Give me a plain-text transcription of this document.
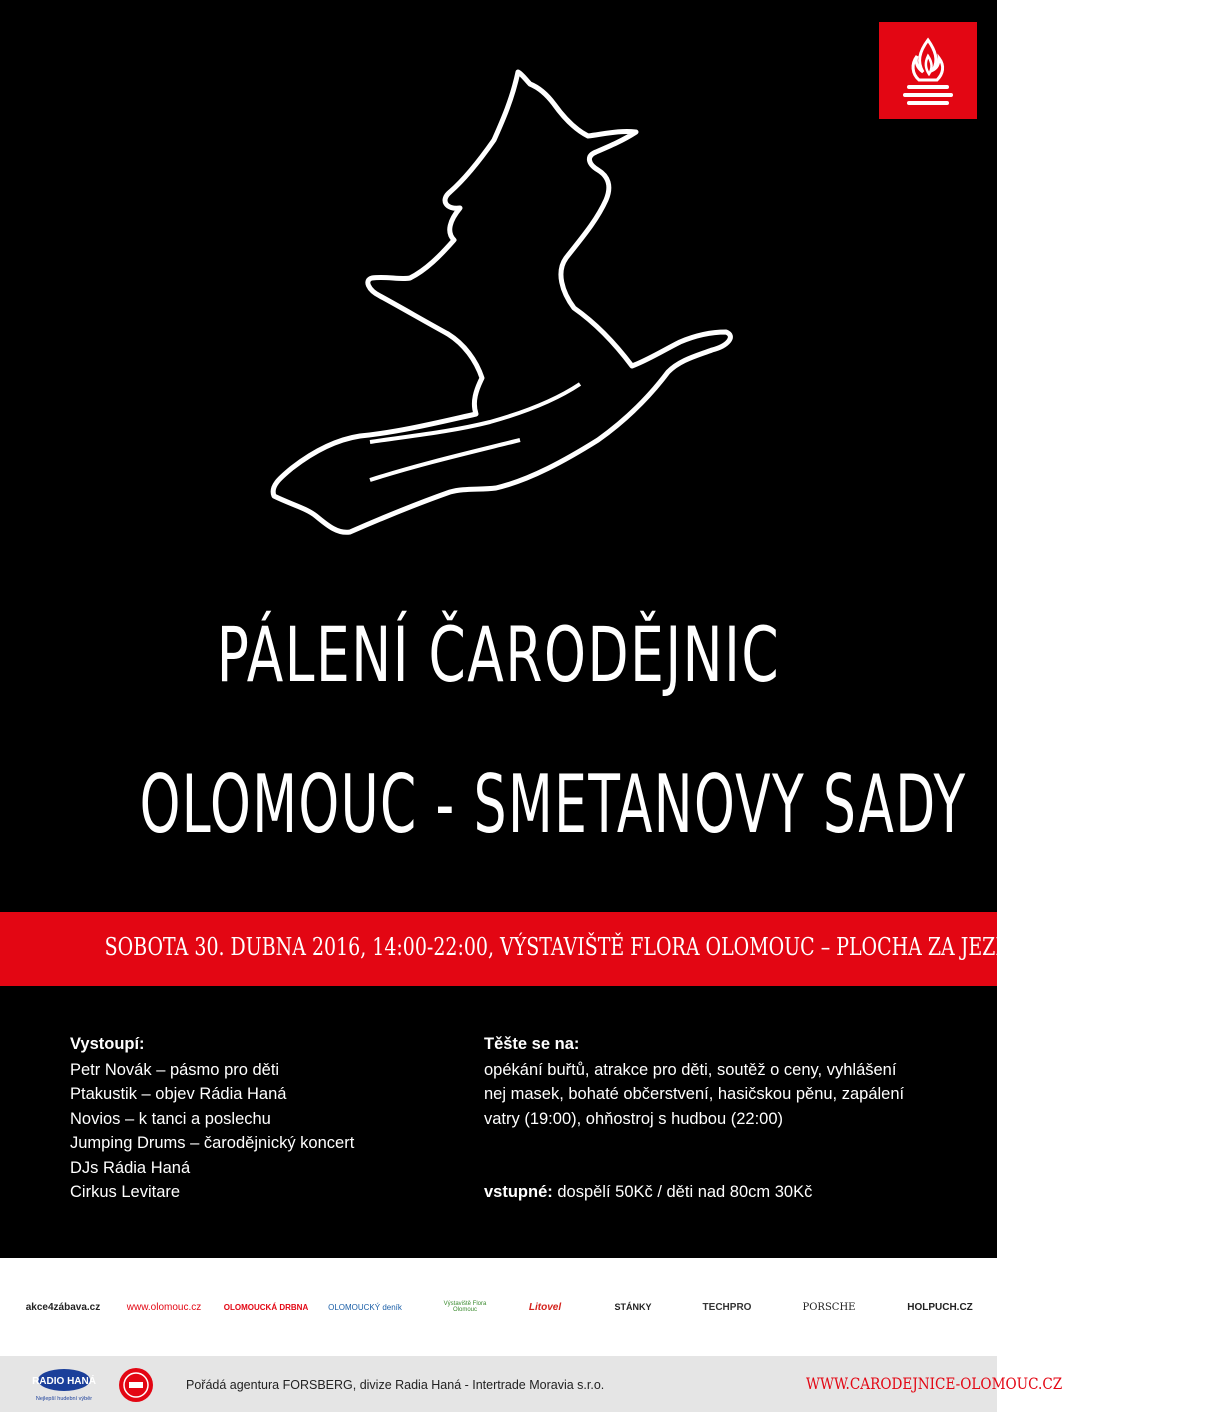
PÁLENÍ ČARODĚJNIC
OLOMOUC - SMETANOVY SADY
SOBOTA 30. DUBNA 2016, 14:00-22:00, VÝSTAVIŠTĚ FLORA OLOMOUC – PLOCHA ZA JEZÍRKEM U PAVILONU H
Vystoupí:
Petr Novák – pásmo pro děti
Ptakustik – objev Rádia Haná
Novios – k tanci a poslechu
Jumping Drums – čarodějnický koncert
DJs Rádia Haná
Cirkus Levitare
Těšte se na:
opékání buřtů, atrakce pro děti, soutěž o ceny, vyhlášení
nej masek, bohaté občerstvení, hasičskou pěnu, zapálení
vatry (19:00), ohňostroj s hudbou (22:00)
vstupné: dospělí 50Kč / děti nad 80cm 30Kč
akce4zábava.cz	www.olomouc.cz	OLOMOUCKÁ DRBNA OLOMOUCKÝ deník	Výstaviště Flora Olomouc	Litovel	STÁNKY	TECHPRO	PORSCHE	HOLPUCH.CZ
RADIO HANÁ
Nejlepší hudební výběr
Pořádá agentura FORSBERG, divize Radia Haná - Intertrade Moravia s.r.o.	WWW.CARODEJNICE-OLOMOUC.CZ
